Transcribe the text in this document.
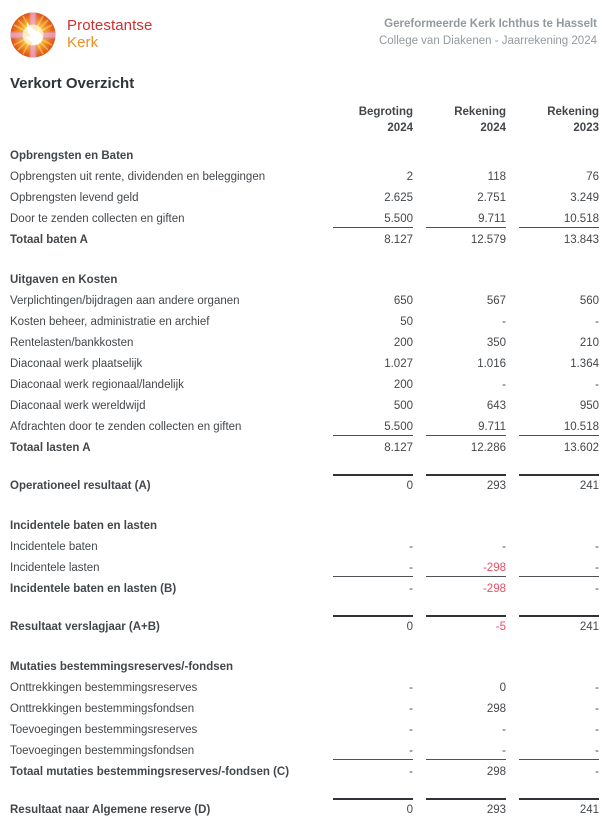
Protestantse
Kerk
Gereformeerde Kerk Ichthus te Hasselt
College van Diakenen - Jaarrekening 2024
Verkort Overzicht
Begroting
2024
Rekening
2024
Rekening
2023
Opbrengsten en Baten
Opbrengsten uit rente, dividenden en beleggingen	2	118	76
Opbrengsten levend geld	2.625	2.751	3.249
Door te zenden collecten en giften	5.500	9.711	10.518
Totaal baten A	8.127	12.579	13.843
Uitgaven en Kosten
Verplichtingen/bijdragen aan andere organen	650	567	560
Kosten beheer, administratie en archief	50	-	-
Rentelasten/bankkosten	200	350	210
Diaconaal werk plaatselijk	1.027	1.016	1.364
Diaconaal werk regionaal/landelijk	200	-	-
Diaconaal werk wereldwijd	500	643	950
Afdrachten door te zenden collecten en giften	5.500	9.711	10.518
Totaal lasten A	8.127	12.286	13.602
Operationeel resultaat (A)	0	293	241
Incidentele baten en lasten
Incidentele baten	-	-	-
Incidentele lasten	-	-298	-
Incidentele baten en lasten (B)	-	-298	-
Resultaat verslagjaar (A+B)	0	-5	241
Mutaties bestemmingsreserves/-fondsen
Onttrekkingen bestemmingsreserves	-	0	-
Onttrekkingen bestemmingsfondsen	-	298	-
Toevoegingen bestemmingsreserves	-	-	-
Toevoegingen bestemmingsfondsen	-	-	-
Totaal mutaties bestemmingsreserves/-fondsen (C)	-	298	-
Resultaat naar Algemene reserve (D)	0	293	241
